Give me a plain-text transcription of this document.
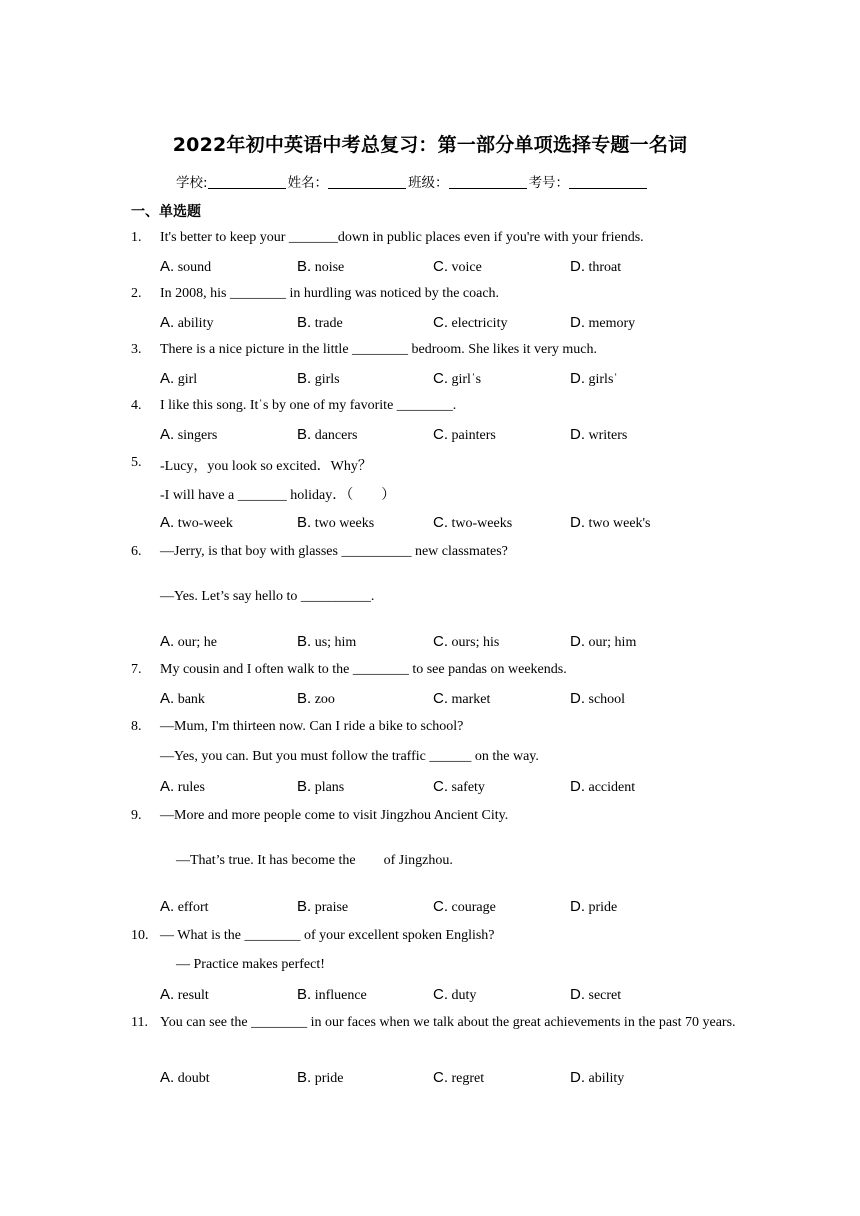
2022年初中英语中考总复习：第一部分单项选择专题一名词
学校:	姓名：	班级：	考号：
一、单选题
1.	It's better to keep your _______down in public places even if you're with your friends.
A. sound	B. noise	C. voice	D. throat
2.	In 2008, his ________ in hurdling was noticed by the coach.
A. ability	B. trade	C. electricity	D. memory
3.	There is a nice picture in the little ________ bedroom. She likes it very much.
A. girl	B. girls	C. girlˈs	D. girlsˈ
4.	I like this song. Itˈs by one of my favorite ________.
A. singers	B. dancers	C. painters	D. writers
5.	-Lucy，you look so excited．Why？
-I will have a _______ holiday．（　　）
A. two-week	B. two weeks	C. two-weeks	D. two week's
6.	—Jerry, is that boy with glasses __________ new classmates?
—Yes. Let’s say hello to __________.
A. our; he	B. us; him	C. ours; his	D. our; him
7.	My cousin and I often walk to the ________ to see pandas on weekends.
A. bank	B. zoo	C. market	D. school
8.	—Mum, I'm thirteen now. Can I ride a bike to school?
—Yes, you can. But you must follow the traffic ______ on the way.
A. rules	B. plans	C. safety	D. accident
9.	—More and more people come to visit Jingzhou Ancient City.
—That’s true. It has become the        of Jingzhou.
A. effort	B. praise	C. courage	D. pride
10. — What is the ________ of your excellent spoken English?
— Practice makes perfect!
A. result	B. influence	C. duty	D. secret
11. You can see the ________ in our faces when we talk about the great achievements in the past 70 years.
A. doubt	B. pride	C. regret	D. ability
